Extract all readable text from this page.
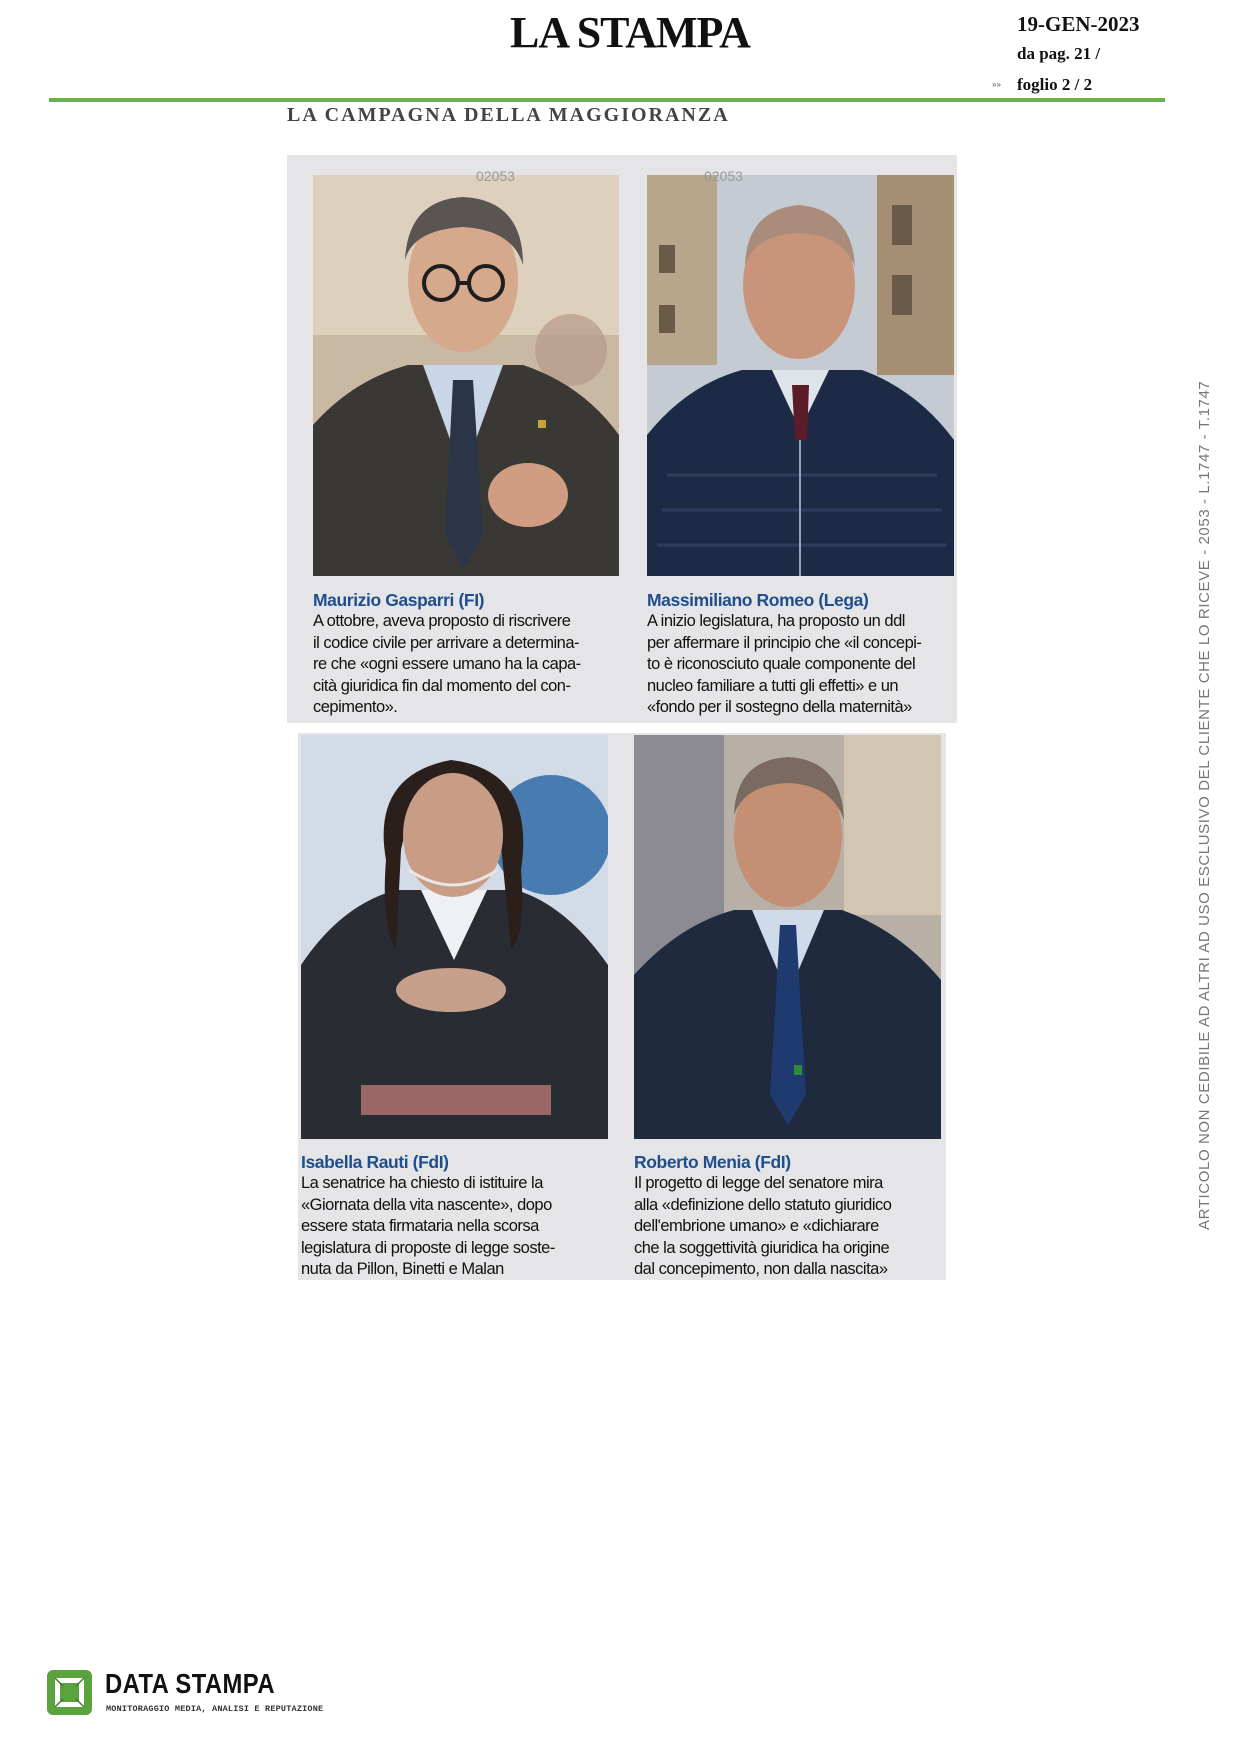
LA STAMPA	19-GEN-2023
da pag. 21 /
»» foglio 2 / 2
LA CAMPAGNA DELLA MAGGIORANZA
Maurizio Gasparri (FI)

A ottobre, aveva proposto di riscrivere
il codice civile per arrivare a determina-
re che «ogni essere umano ha la capa-
cità giuridica fin dal momento del con-
cepimento».

02053	02053
Massimiliano Romeo (Lega)

A inizio legislatura, ha proposto un ddl
per affermare il principio che «il concepi-
to è riconosciuto quale componente del
nucleo familiare a tutti gli effetti» e un
«fondo per il sostegno della maternità»

Isabella Rauti (FdI)

La senatrice ha chiesto di istituire la
«Giornata della vita nascente», dopo
essere stata firmataria nella scorsa
legislatura di proposte di legge soste-
nuta da Pillon, Binetti e Malan

Roberto Menia (FdI)

Il progetto di legge del senatore mira
alla «definizione dello statuto giuridico
dell'embrione umano» e «dichiarare
che la soggettività giuridica ha origine
dal concepimento, non dalla nascita»

ARTICOLO NON CEDIBILE AD ALTRI AD USO ESCLUSIVO DEL CLIENTE CHE LO RICEVE - 2053 - L.1747 - T.1747
DATA STAMPA
MONITORAGGIO MEDIA, ANALISI E REPUTAZIONE
